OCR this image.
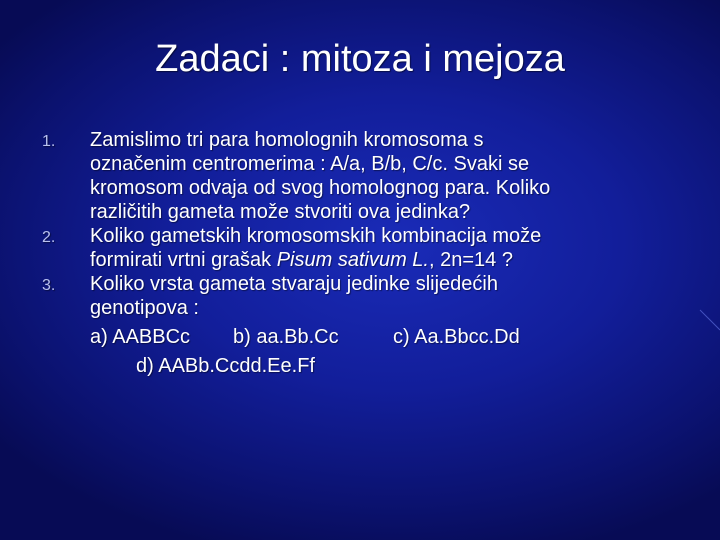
Zadaci : mitoza i mejoza
1. Zamislimo tri para homolognih kromosoma s
označenim centromerima : A/a, B/b, C/c. Svaki se
kromosom odvaja od svog homolognog para. Koliko
različitih gameta može stvoriti ova jedinka?
2. Koliko gametskih kromosomskih kombinacija može
formirati vrtni grašak Pisum sativum L., 2n=14 ?
3. Koliko vrsta gameta stvaraju jedinke slijedećih
genotipova :
a) AABBCc b) aa.Bb.Cc	c) Aa.Bbcc.Dd
d) AABb.Ccdd.Ee.Ff
